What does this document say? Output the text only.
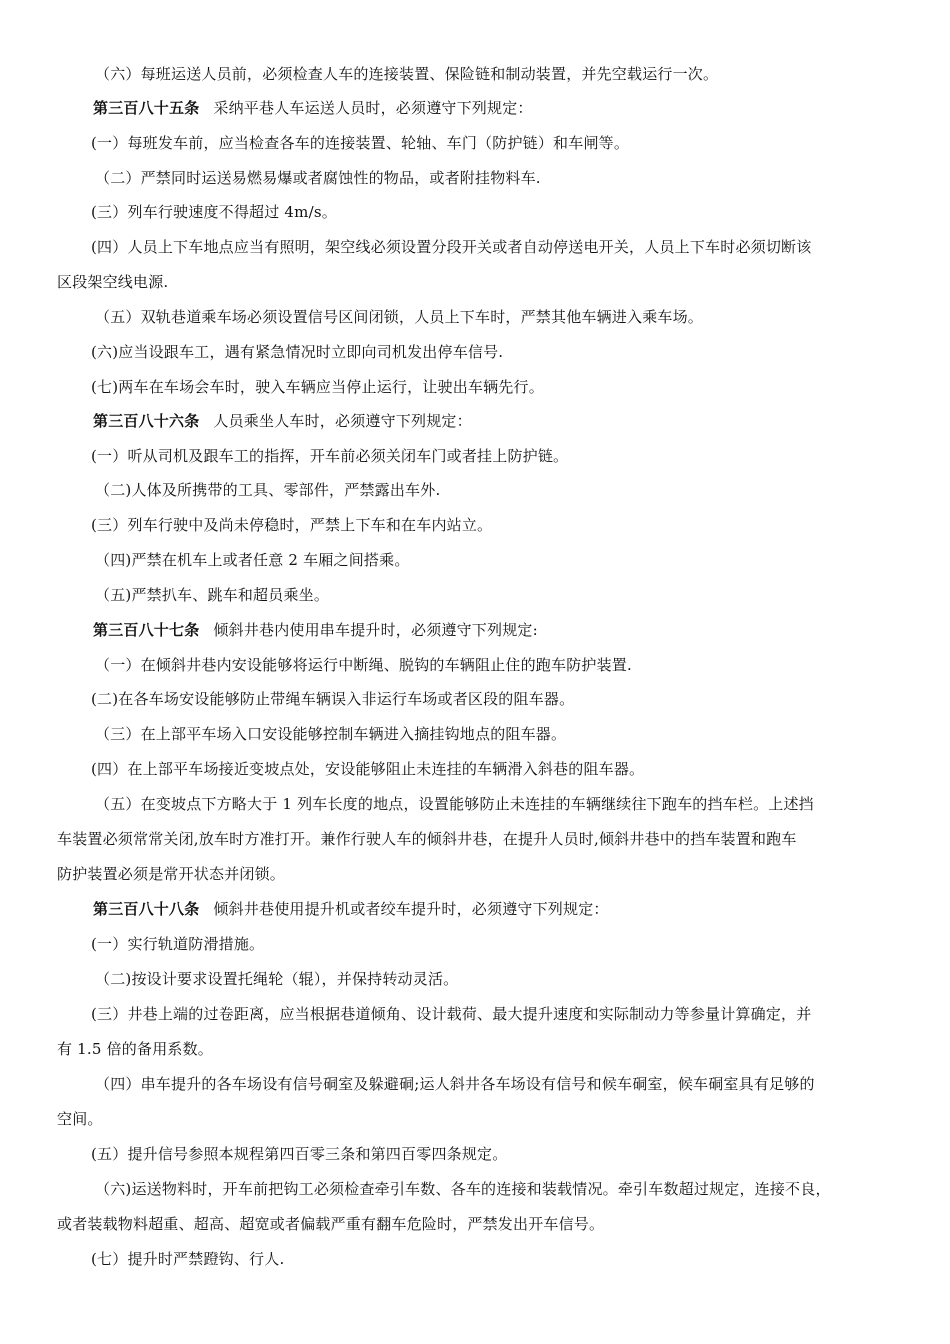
（六）每班运送人员前，必须检查人车的连接装置、保险链和制动装置，并先空载运行一次。
第三百八十五条 采纳平巷人车运送人员时，必须遵守下列规定：
(一）每班发车前，应当检查各车的连接装置、轮轴、车门（防护链）和车闸等。
（二）严禁同时运送易燃易爆或者腐蚀性的物品，或者附挂物料车.
(三）列车行驶速度不得超过 4m/s。
(四）人员上下车地点应当有照明，架空线必须设置分段开关或者自动停送电开关，人员上下车时必须切断该
区段架空线电源.
（五）双轨巷道乘车场必须设置信号区间闭锁，人员上下车时，严禁其他车辆进入乘车场。
(六)应当设跟车工，遇有紧急情况时立即向司机发出停车信号.
(七)两车在车场会车时，驶入车辆应当停止运行，让驶出车辆先行。
第三百八十六条 人员乘坐人车时，必须遵守下列规定：
(一）听从司机及跟车工的指挥，开车前必须关闭车门或者挂上防护链。
（二)人体及所携带的工具、零部件，严禁露出车外.
(三）列车行驶中及尚未停稳时，严禁上下车和在车内站立。
（四)严禁在机车上或者任意 2 车厢之间搭乘。
（五)严禁扒车、跳车和超员乘坐。
第三百八十七条 倾斜井巷内使用串车提升时，必须遵守下列规定:
（一）在倾斜井巷内安设能够将运行中断绳、脱钩的车辆阻止住的跑车防护装置.
(二)在各车场安设能够防止带绳车辆误入非运行车场或者区段的阻车器。
（三）在上部平车场入口安设能够控制车辆进入摘挂钩地点的阻车器。
(四）在上部平车场接近变坡点处，安设能够阻止未连挂的车辆滑入斜巷的阻车器。
（五）在变坡点下方略大于 1 列车长度的地点，设置能够防止未连挂的车辆继续往下跑车的挡车栏。上述挡
车装置必须常常关闭,放车时方准打开。兼作行驶人车的倾斜井巷，在提升人员时,倾斜井巷中的挡车装置和跑车
防护装置必须是常开状态并闭锁。
第三百八十八条 倾斜井巷使用提升机或者绞车提升时，必须遵守下列规定：
(一）实行轨道防滑措施。
（二)按设计要求设置托绳轮（辊），并保持转动灵活。
(三）井巷上端的过卷距离，应当根据巷道倾角、设计载荷、最大提升速度和实际制动力等参量计算确定，并
有 1.5 倍的备用系数。
（四）串车提升的各车场设有信号硐室及躲避硐;运人斜井各车场设有信号和候车硐室，候车硐室具有足够的
空间。
(五）提升信号参照本规程第四百零三条和第四百零四条规定。
（六)运送物料时，开车前把钩工必须检查牵引车数、各车的连接和装载情况。牵引车数超过规定，连接不良，
或者装载物料超重、超高、超宽或者偏载严重有翻车危险时，严禁发出开车信号。
(七）提升时严禁蹬钩、行人.
